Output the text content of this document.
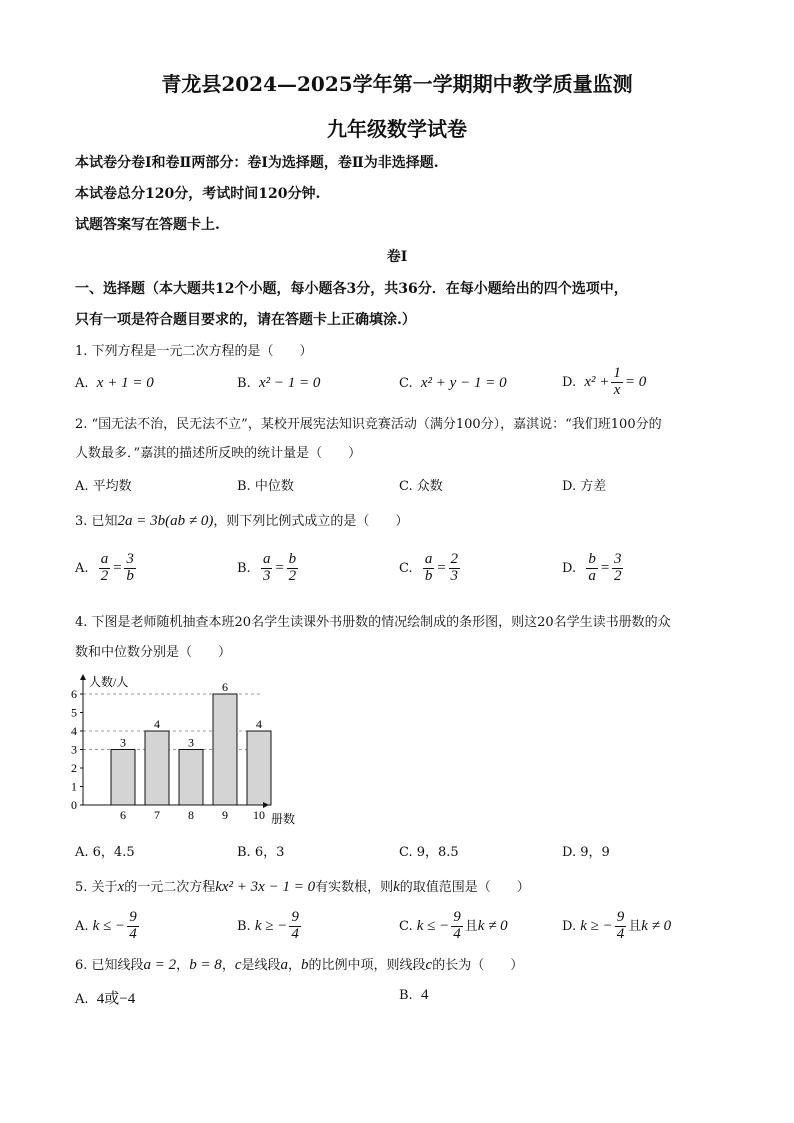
青龙县2024—2025学年第一学期期中教学质量监测
九年级数学试卷
本试卷分卷Ⅰ和卷Ⅱ两部分：卷Ⅰ为选择题，卷Ⅱ为非选择题.
本试卷总分120分，考试时间120分钟.
试题答案写在答题卡上.
卷Ⅰ
一、选择题（本大题共12个小题，每小题各3分，共36分．在每小题给出的四个选项中，
只有一项是符合题目要求的，请在答题卡上正确填涂.）
1. 下列方程是一元二次方程的是（　　）
A. x + 1 = 0	B. x² − 1 = 0	C. x² + y − 1 = 0	D. $x^2 + \frac{1}{x} = 0$
2. “国无法不治，民无法不立”，某校开展宪法知识竞赛活动（满分100分），嘉淇说：“我们班100分的
人数最多．”嘉淇的描述所反映的统计量是（　　）
A. 平均数	B. 中位数	C. 众数	D. 方差
3. 已知2a = 3b(ab ≠ 0)，则下列比例式成立的是（　　）
A. $\frac{a}{2} = \frac{3}{b}$	B. $\frac{a}{3} = \frac{b}{2}$	C. $\frac{a}{b} = \frac{2}{3}$	D. $\frac{b}{a} = \frac{3}{2}$
4. 下图是老师随机抽查本班20名学生读课外书册数的情况绘制成的条形图，则这20名学生读书册数的众
数和中位数分别是（　　）
3
6
4
7
3
8
6
9
4
10
0
1
2
3
4
5
6
人数/人
册数
A. 6，4.5	B. 6，3	C. 9，8.5	D. 9，9
5. 关于x的一元二次方程kx² + 3x − 1 = 0有实数根，则k的取值范围是（　　）
A. k ≤ − $\frac{9}{4}$	B. k ≥ − $\frac{9}{4}$	C. k ≤ − $\frac{9}{4}$ 且k ≠ 0	D. k ≥ − $\frac{9}{4}$ 且k ≠ 0
6. 已知线段a = 2，b = 8，c是线段a，b的比例中项，则线段c的长为（　　）
A. 4或−4	B. 4
